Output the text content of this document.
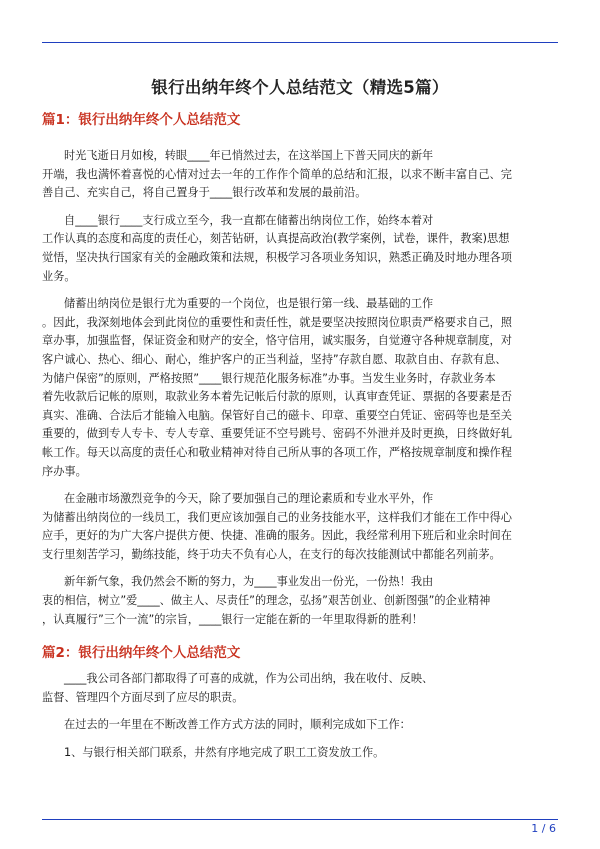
银行出纳年终个人总结范文（精选5篇）
篇1：银行出纳年终个人总结范文

时光飞逝日月如梭，转眼____年已悄然过去，在这举国上下普天同庆的新年
开端，我也满怀着喜悦的心情对过去一年的工作作个简单的总结和汇报，以求不断丰富自己、完
善自己、充实自己，将自己置身于____银行改革和发展的最前沿。

自____银行____支行成立至今，我一直都在储蓄出纳岗位工作，始终本着对
工作认真的态度和高度的责任心，刻苦钻研，认真提高政治(教学案例，试卷，课件，教案)思想
觉悟，坚决执行国家有关的金融政策和法规，积极学习各项业务知识，熟悉正确及时地办理各项
业务。

储蓄出纳岗位是银行尤为重要的一个岗位，也是银行第一线、最基础的工作
。因此，我深刻地体会到此岗位的重要性和责任性，就是要坚决按照岗位职责严格要求自己，照
章办事，加强监督，保证资金和财产的安全，恪守信用，诚实服务，自觉遵守各种规章制度，对
客户诚心、热心、细心、耐心，维护客户的正当利益，坚持”存款自愿、取款自由、存款有息、
为储户保密”的原则，严格按照”____银行规范化服务标准”办事。当发生业务时，存款业务本
着先收款后记帐的原则，取款业务本着先记帐后付款的原则，认真审查凭证、票据的各要素是否
真实、准确、合法后才能输入电脑。保管好自己的磁卡、印章、重要空白凭证、密码等也是至关
重要的，做到专人专卡、专人专章、重要凭证不空号跳号、密码不外泄并及时更换，日终做好轧
帐工作。每天以高度的责任心和敬业精神对待自己所从事的各项工作，严格按规章制度和操作程
序办事。

在金融市场激烈竞争的今天，除了要加强自己的理论素质和专业水平外，作
为储蓄出纳岗位的一线员工，我们更应该加强自己的业务技能水平，这样我们才能在工作中得心
应手，更好的为广大客户提供方便、快捷、准确的服务。因此，我经常利用下班后和业余时间在
支行里刻苦学习，勤练技能，终于功夫不负有心人，在支行的每次技能测试中都能名列前茅。

新年新气象，我仍然会不断的努力，为____事业发出一份光，一份热！我由
衷的相信，树立”爱____、做主人、尽责任”的理念，弘扬”艰苦创业、创新图强”的企业精神
，认真履行”三个一流”的宗旨，____银行一定能在新的一年里取得新的胜利！

篇2：银行出纳年终个人总结范文

____我公司各部门都取得了可喜的成就，作为公司出纳，我在收付、反映、
监督、管理四个方面尽到了应尽的职责。

在过去的一年里在不断改善工作方式方法的同时，顺利完成如下工作：

1、与银行相关部门联系，井然有序地完成了职工工资发放工作。

1 / 6
